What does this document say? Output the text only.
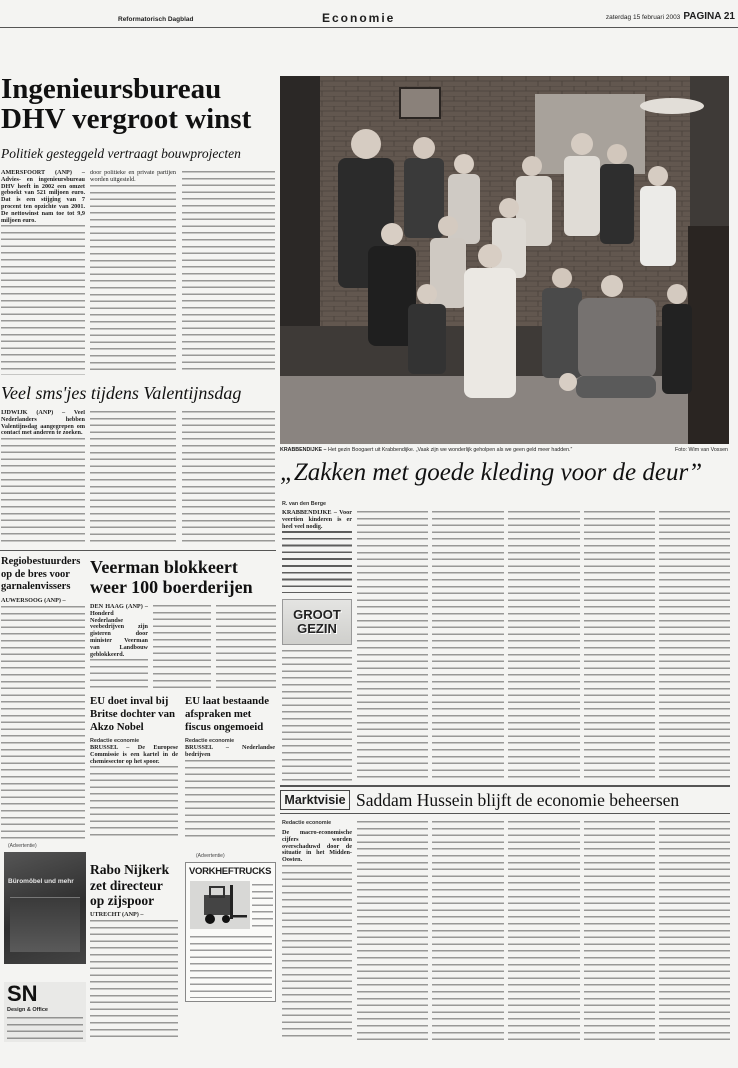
Reformatorisch Dagblad	Economie	zaterdag 15 februari 2003 PAGINA 21
Ingenieursbureau
DHV vergroot winst
Politiek gesteggeld vertraagt bouwprojecten
AMERSFOORT (ANP) – Advies- en ingenieursbureau DHV heeft in 2002 een omzet geboekt van 521 miljoen euro. Dat is een stijging van 7 procent ten opzichte van 2001. De nettowinst nam toe tot 9,9 miljoen euro.
door politieke en private partijen worden uitgesteld.
Veel sms'jes tijdens Valentijnsdag
IJDWIJK (ANP) – Veel Nederlanders hebben Valentijnsdag aangegrepen om contact met anderen te zoeken.
Regiobestuurders op de bres voor garnalenvissers
AUWERSOOG (ANP) –
Veerman blokkeert weer 100 boerderijen
DEN HAAG (ANP) – Honderd Nederlandse veebedrijven zijn gisteren door minister Veerman van Landbouw geblokkeerd.
EU doet inval bij Britse dochter van Akzo Nobel
Redactie economie
BRUSSEL – De Europese Commissie is een kartel in de chemiesector op het spoor.
EU laat bestaande afspraken met fiscus ongemoeid
Redactie economie
BRUSSEL – Nederlandse bedrijven
(Advertentie)
Büromöbel und mehr
SN
Design & Office
Rabo Nijkerk zet directeur op zijspoor
UTRECHT (ANP) –
(Advertentie)
VORKHEFTRUCKS
KRABBENDIJKE – Het gezin Boogaert uit Krabbendijke. „Vaak zijn we wonderlijk geholpen als we geen geld meer hadden.”	Foto: Wim van Vossen
„Zakken met goede kleding voor de deur”
R. van den Berge
KRABBENDIJKE – Voor veertien kinderen is er heel veel nodig.
GROOT
GEZIN
Marktvisie Saddam Hussein blijft de economie beheersen
Redactie economie
De macro-economische cijfers worden overschaduwd door de situatie in het Midden-Oosten.
